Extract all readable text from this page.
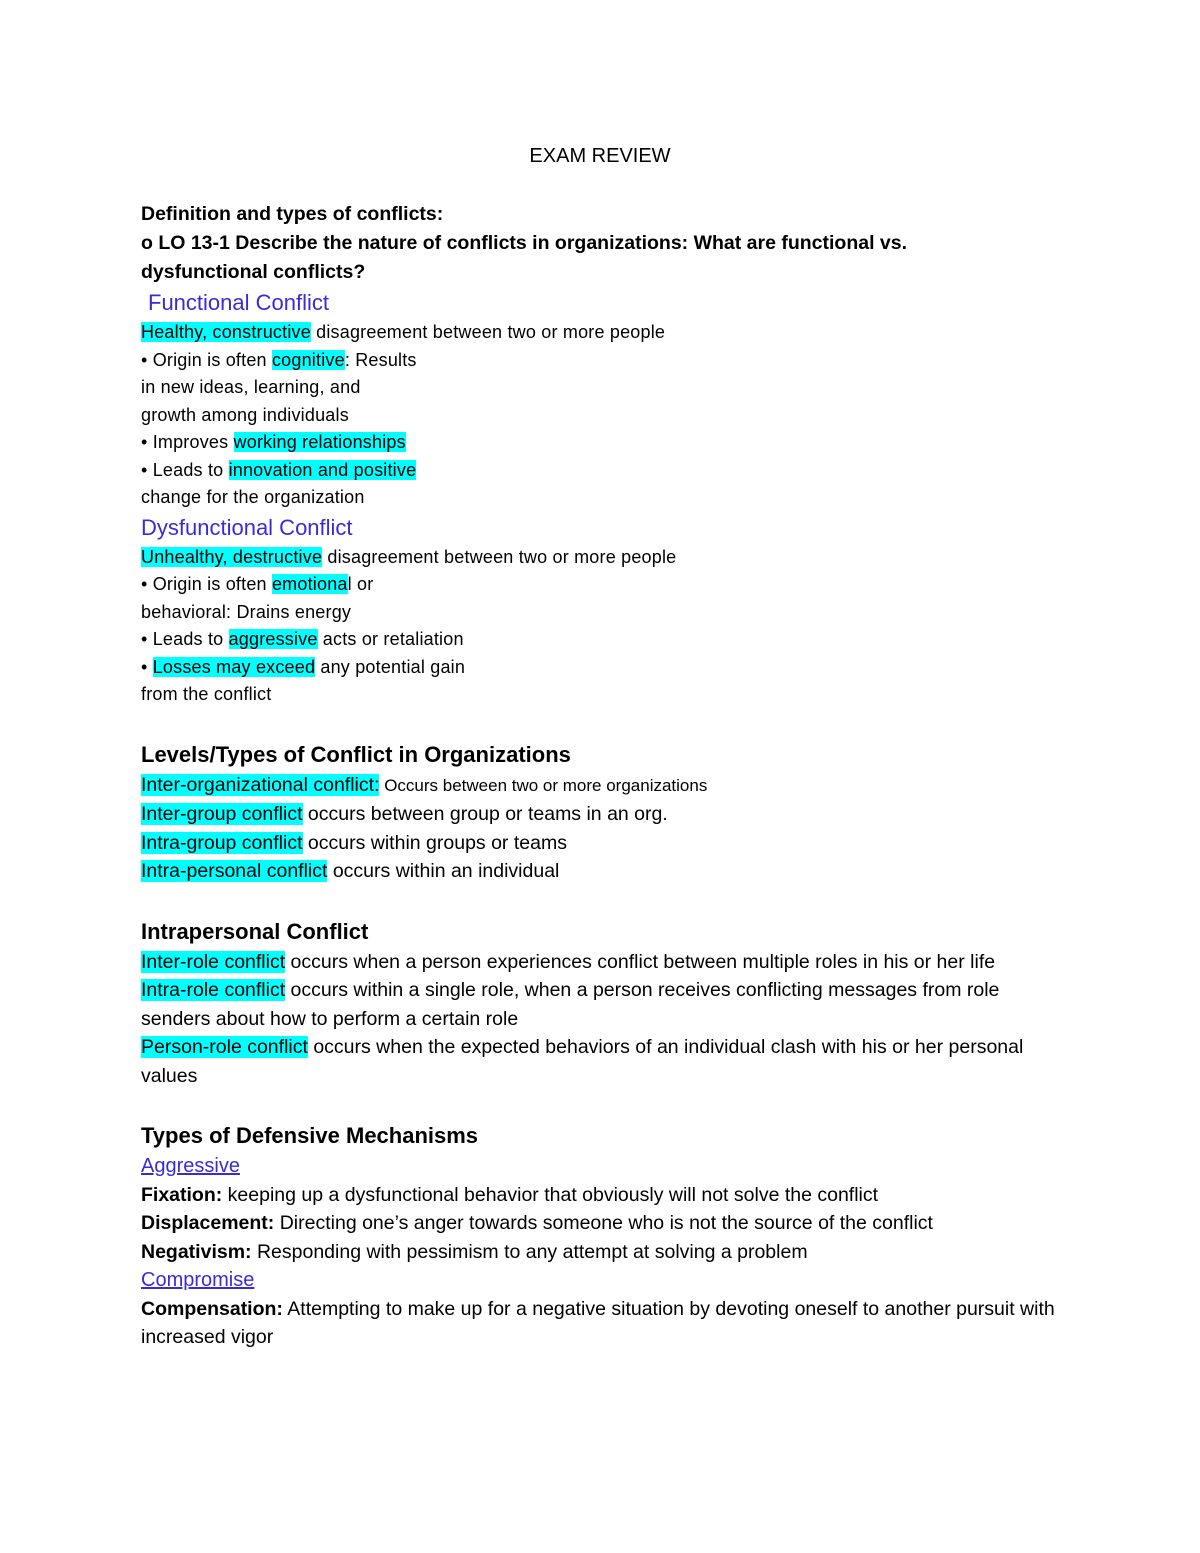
EXAM REVIEW

Definition and types of conflicts:

o LO 13-1 Describe the nature of conflicts in organizations: What are functional vs.

dysfunctional conflicts?

Functional Conflict

Healthy, constructive disagreement between two or more people

• Origin is often cognitive: Results

in new ideas, learning, and

growth among individuals

• Improves working relationships

• Leads to innovation and positive

change for the organization

Dysfunctional Conflict

Unhealthy, destructive disagreement between two or more people

• Origin is often emotional or

behavioral: Drains energy

• Leads to aggressive acts or retaliation

• Losses may exceed any potential gain

from the conflict

Levels/Types of Conflict in Organizations

Inter-organizational conflict: Occurs between two or more organizations

Inter-group conflict occurs between group or teams in an org.

Intra-group conflict occurs within groups or teams

Intra-personal conflict occurs within an individual

Intrapersonal Conflict

Inter-role conflict occurs when a person experiences conflict between multiple roles in his or her life

Intra-role conflict occurs within a single role, when a person receives conflicting messages from role senders about how to perform a certain role

Person-role conflict occurs when the expected behaviors of an individual clash with his or her personal values

Types of Defensive Mechanisms

Aggressive

Fixation: keeping up a dysfunctional behavior that obviously will not solve the conflict

Displacement: Directing one’s anger towards someone who is not the source of the conflict

Negativism: Responding with pessimism to any attempt at solving a problem

Compromise

Compensation: Attempting to make up for a negative situation by devoting oneself to another pursuit with increased vigor
